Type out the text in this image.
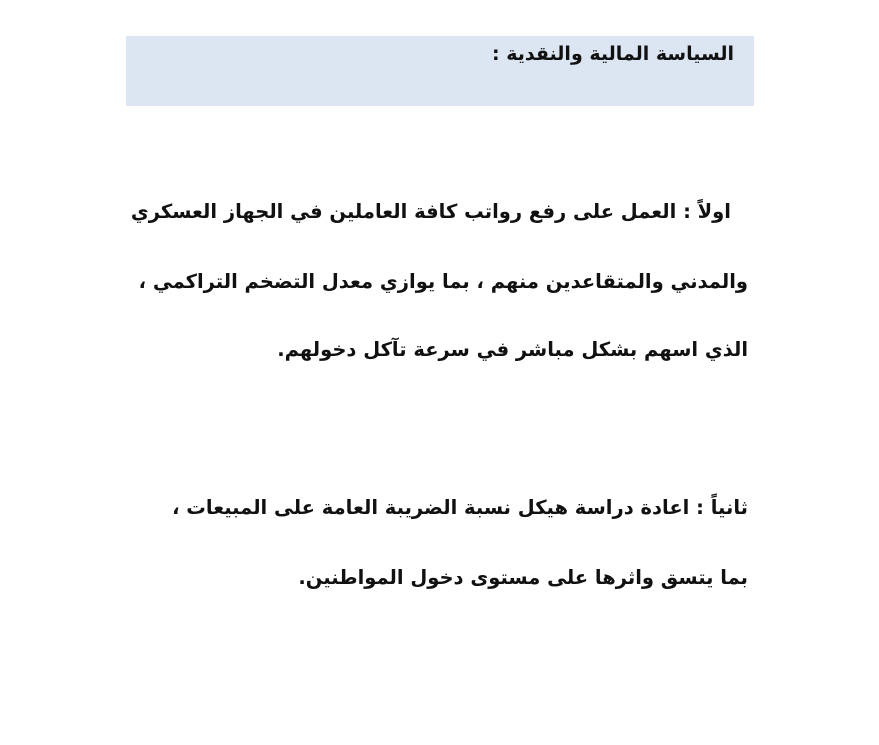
السياسة المالية والنقدية :
اولاً : العمل على رفع رواتب كافة العاملين في الجهاز العسكري
والمدني والمتقاعدين منهم ، بما يوازي معدل التضخم التراكمي ،
الذي اسهم بشكل مباشر في سرعة تآكل دخولهم.
ثانياً : اعادة دراسة هيكل نسبة الضريبة العامة على المبيعات ،
بما يتسق واثرها على مستوى دخول المواطنين.
